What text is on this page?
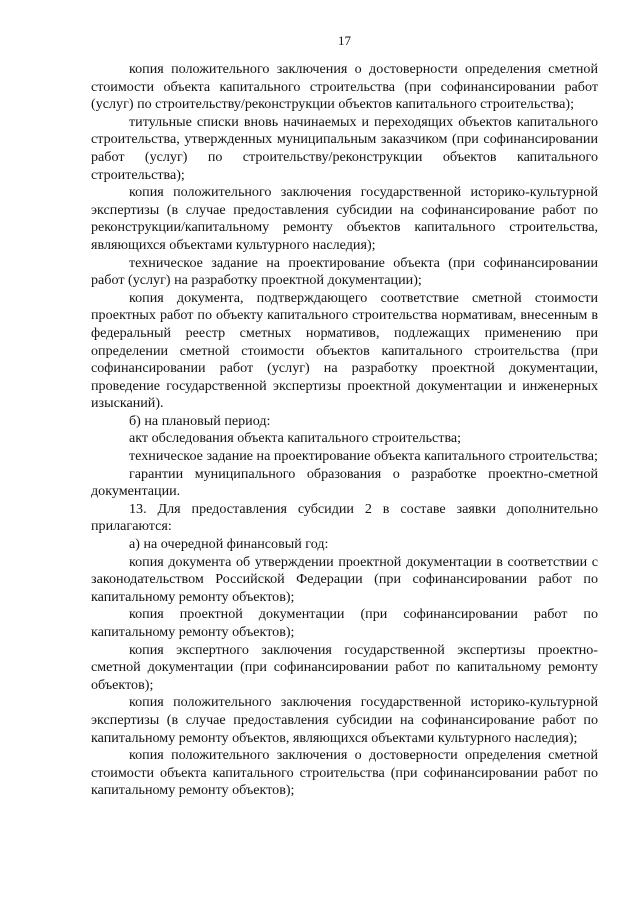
17

копия положительного заключения о достоверности определения сметной стоимости объекта капитального строительства (при софинансировании работ (услуг) по строительству/реконструкции объектов капитального строительства);

титульные списки вновь начинаемых и переходящих объектов капитального строительства, утвержденных муниципальным заказчиком (при софинансировании работ (услуг) по строительству/реконструкции объектов капитального строительства);

копия положительного заключения государственной историко-культурной экспертизы (в случае предоставления субсидии на софинансирование работ по реконструкции/капитальному ремонту объектов капитального строительства, являющихся объектами культурного наследия);

техническое задание на проектирование объекта (при софинансировании работ (услуг) на разработку проектной документации);

копия документа, подтверждающего соответствие сметной стоимости проектных работ по объекту капитального строительства нормативам, внесенным в федеральный реестр сметных нормативов, подлежащих применению при определении сметной стоимости объектов капитального строительства (при софинансировании работ (услуг) на разработку проектной документации, проведение государственной экспертизы проектной документации и инженерных изысканий).

б) на плановый период:

акт обследования объекта капитального строительства;

техническое задание на проектирование объекта капитального строительства;

гарантии муниципального образования о разработке проектно-сметной документации.

13. Для предоставления субсидии 2 в составе заявки дополнительно прилагаются:

а) на очередной финансовый год:

копия документа об утверждении проектной документации в соответствии с законодательством Российской Федерации (при софинансировании работ по капитальному ремонту объектов);

копия проектной документации (при софинансировании работ по капитальному ремонту объектов);

копия экспертного заключения государственной экспертизы проектно-сметной документации (при софинансировании работ по капитальному ремонту объектов);

копия положительного заключения государственной историко-культурной экспертизы (в случае предоставления субсидии на софинансирование работ по капитальному ремонту объектов, являющихся объектами культурного наследия);

копия положительного заключения о достоверности определения сметной стоимости объекта капитального строительства (при софинансировании работ по капитальному ремонту объектов);
